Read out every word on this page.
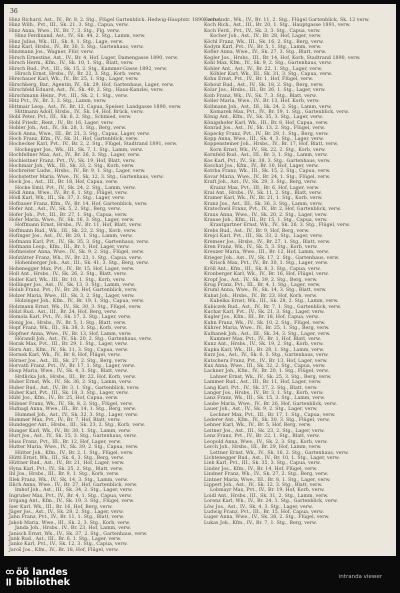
36
Hinz Richard, Ast., IV., Br. 8, 2. Stg., Flügel Gartenblick. Hedwig-Hauptstr. 1890, verw.
Hinz Wilh., Pvt., III., Sk. 21, 3. Stg., Capua, verw.
Hinz Anna, Wwe., IV., Br. 7, 3. Stg., Flg. verw.
Hinz Ferdinand, Ast., IV., Sk. 44, 2. Stg., Lamm, verw.
Hinz Julius, Wk., III., Sk. 8, 1. Stg., Lage, verw.
Hinz Karl, Hrsbs., IV., Br. 30, 3. Stg., Gartenhaus, verw.
Hinzmann Jos., Wagner, Flür, verw.
Hirsch Ernestine, Ast., IV., Br. 4, Hof, Luger, Damengasse 1890, verw.
Hirsch Herm., Kfm., IV., Sk. 10, 1. Stg., Blatt, verw.
Hirsch Rud., Pvt., III., Sk. 15, 2. Stg., Kammer-Gasse 1892, verw.
Hirsch Ernst, Hrsbs., IV., Br. 22, 3. Stg., Korb, verw.
Hirschauer Karl, Wk., IV., Br. 25, 1. Stg., Lager, verw.
Hirschberg, Bar., Agentin, IV., Sk. 29, Hof, Gartenhaus, Lager, verw.
Hirschfeld Eduard, Ast., IV., Sk. 40, 2. Stg., Haus-Kanzlei, verw.
Hirschmann Heinr., Pvt., III., Sk. 2, 1. Stg., verw.
Hitz Pvt., IV., Br. 3, 3. Stg., Lamm, verw.
Hittmair Leop., Ast., IV., Br. 12, Capua, Speiser, Landgasse 1890, verw.
Hittmann Adolf, Hrsbs., IV., Sk. 14, Hof, Brück, verw.
Hobl Peter, Pvt., III., Sk. 6, 2. Stg., Schmied, verw.
Hobl Friedr., Rent., IV., Br. 16, Lager, verw.
Hobler Joh., Ast., IV., Sk. 28, 1. Stg., Berg, verw.
Hoch Anna, Wwe., III., Br. 21, 3. Stg., Capua, Lager, verw.
Hoch Franz, Kfm., IV., Sk. 31, Hof, Gartenblick, verw.
Hochecker Karl, Pvt., IV., Br. 2, 2. Stg., Flügel, Stadtrand 1891, verw.
Hochegger Jos., Wk., III., Sk. 7, 1. Stg., Lamm, verw.
Hochfellner Max, Ast., IV., Br. 26, 3. Stg., Lager, verw.
Hochleitner Franz, Pvt., IV., Sk. 19, Hof, Blatt, verw.
Hochmair Joh., Wk., III., Sk. 33, 2. Stg., Korb, verw.
Hochreiter Ludw., Hrsbs., IV., Br. 9, 1. Stg., Lager, verw.
Hochstetter Maria, Wwe., IV., Sk. 12, 3. Stg., Gartenhaus, verw.
Hock Jos., Ast., III., Br. 18, Hof, Capua, verw.
Hocke Emil, Pvt., IV., Sk. 24, 2. Stg., Lamm, verw.
Hödl Anna, Wwe., IV., Br. 6, 1. Stg., Flügel, verw.
Hödl Karl, Wk., III., Sk. 37, 3. Stg., Lager, verw.
Hofbauer Franz, Kfm., IV., Br. 14, Hof, Gartenblick, verw.
Hofer Ant., Ast., IV., Sk. 5, 2. Stg., Berg, verw.
Hofer Joh., Pvt., III., Br. 27, 1. Stg., Capua, verw.
Hofer Maria, Wwe., IV., Sk. 16, 3. Stg., Lager, verw.
Hoffmann Ernst, Hrsbs., IV., Br. 11, Hof, Blatt, verw.
Hoffmann Rud., Wk., III., Sk. 22, 2. Stg., Korb, verw.
Hofinger Jos., Ast., IV., Br. 20, 1. Stg., Lamm, verw.
Hofmann Karl, Pvt., IV., Sk. 35, 3. Stg., Gartenhaus, verw.
Hofmann Leop., Kfm., III., Br. 1, Hof, Lager, verw.
Hofmeister Anna, Wwe., IV., Sk. 9, 2. Stg., Flügel, verw.
Hofstätter Franz, Wk., IV., Br. 23, 1. Stg., Capua, verw.
Hohenberger Joh., Ast., III., Sk. 41, 3. Stg., Berg, verw.
Hohenegger Max, Pvt., IV., Br. 15, Hof, Lager, verw.
Holl Ant., Hrsbs., IV., Sk. 26, 2. Stg., Blatt, verw.
Holler Karl, Wk., III., Br. 10, 1. Stg., Korb, verw.
Hollinger Jos., Ast., IV., Sk. 13, 3. Stg., Lamm, verw.
Holub Franz, Pvt., IV., Br. 28, Hof, Gartenblick, verw.
Holzer Maria, Wwe., III., Sk. 3, 2. Stg., Lager, verw.
Holzinger Joh., Kfm., IV., Br. 19, 1. Stg., Capua, verw.
Holzmann Ernst, Wk., IV., Sk. 30, 3. Stg., Flügel, verw.
Hölzl Rud., Ast., III., Br. 24, Hof, Berg, verw.
Homola Karl, Pvt., IV., Sk. 17, 2. Stg., Lager, verw.
Honig Jos., Hrsbs., IV., Br. 5, 1. Stg., Blatt, verw.
Hopf Franz, Wk., III., Sk. 38, 3. Stg., Korb, verw.
Hopfner Anna, Wwe., IV., Br. 13, Hof, Lamm, verw.
Hörandl Joh., Ast., IV., Sk. 20, 2. Stg., Gartenhaus, verw.
Horak Max, Pvt., III., Br. 29, 1. Stg., Lager, verw.
Horn Ant., Kfm., IV., Sk. 11, 3. Stg., Capua, verw.
Hornek Karl, Wk., IV., Br. 8, Hof, Flügel, verw.
Hörner Jos., Ast., III., Sk. 27, 2. Stg., Berg, verw.
Horvath Franz, Pvt., IV., Br. 17, 1. Stg., Lager, verw.
Hosp Maria, Wwe., IV., Sk. 4, 3. Stg., Blatt, verw.
Hrdlicka Joh., Hrsbs., III., Br. 22, Hof, Korb, verw.
Huber Ernst, Wk., IV., Sk. 36, 2. Stg., Lamm, verw.
Huber Rud., Ast., IV., Br. 3, 1. Stg., Gartenblick, verw.
Huber Karl, Pvt., III., Sk. 18, 3. Stg., Lager, verw.
Hübl Jos., Kfm., IV., Br. 25, Hof, Capua, verw.
Hübner Franz, Wk., IV., Sk. 8, 2. Stg., Flügel, verw.
Hufnagl Anna, Wwe., III., Br. 14, 1. Stg., Berg, verw.
Hummel Joh., Ast., IV., Sk. 32, 3. Stg., Lager, verw.
Hummer Max, Pvt., IV., Br. 7, Hof, Blatt, verw.
Hundegger Ant., Hrsbs., III., Sk. 23, 2. Stg., Korb, verw.
Hunger Karl, Wk., IV., Br. 30, 1. Stg., Lamm, verw.
Hurt Jos., Ast., IV., Sk. 15, 3. Stg., Gartenhaus, verw.
Huss Franz, Pvt., III., Br. 12, Hof, Lager, verw.
Hutter Maria, Wwe., IV., Sk. 39, 2. Stg., Capua, verw.
Hütter Joh., Kfm., IV., Br. 2, 1. Stg., Flügel, verw.
Hüttl Ernst, Wk., III., Sk. 6, 3. Stg., Berg, verw.
Hüttner Rud., Ast., IV., Br. 21, Hof, Lager, verw.
Hyna Karl, Pvt., IV., Sk. 25, 2. Stg., Blatt, verw.
Ihl Jos., Hrsbs., III., Br. 9, 1. Stg., Korb, verw.
Illek Franz, Wk., IV., Sk. 14, 3. Stg., Lamm, verw.
Illich Anna, Wwe., IV., Br. 27, Hof, Gartenblick, verw.
Imhof Joh., Ast., III., Sk. 34, 2. Stg., Lager, verw.
Ingruber Max, Pvt., IV., Br. 4, 1. Stg., Capua, verw.
Irrgang Ant., Kfm., IV., Sk. 19, 3. Stg., Flügel, verw.
Iser Karl, Wk., III., Br. 16, Hof, Berg, verw.
Jäger Jos., Ast., IV., Sk. 28, 2. Stg., Lager, verw.
Jahn Franz, Pvt., IV., Br. 11, 1. Stg., Blatt, verw.
Jakob Maria, Wwe., III., Sk. 2, 3. Stg., Korb, verw.
Janda Joh., Hrsbs., IV., Br. 23, Hof, Lamm, verw.
Janisch Ernst, Wk., IV., Sk. 37, 2. Stg., Gartenhaus, verw.
Jank Rud., Ast., III., Br. 6, 1. Stg., Lager, verw.
Janko Karl, Pvt., IV., Sk. 12, 3. Stg., Capua, verw.
Jaroš Jos., Kfm., IV., Br. 18, Hof, Flügel, verw.
Koch Andr., Wk., IV., Br. 11, 2. Stg., Flügel Gartenblick, Sk. 12 verw.
Koch Rich., Ast., III., Br. 20, 1. Stg., Hauptgasse 1891, verw.
Koch Ferd., Pvt., IV., Sk. 3, 3. Stg., Capua, verw.
Kocher Joh., Ast., IV., Br. 28, Hof, Lager, verw.
Köchl Franz, Wk., III., Sk. 16, 2. Stg., Berg, verw.
Kodym Karl, Pvt., IV., Br. 5, 1. Stg., Lamm, verw.
Kofler Anna, Wwe., IV., Sk. 27, 3. Stg., Blatt, verw.
Kogler Jos., Hrsbs., III., Br. 14, Hof, Korb, Stadtrand 1890, verw.
Kohl Max, Kfm., IV., Sk. 9, 2. Stg., Gartenhaus, verw.
Kohler Ant., Ast., IV., Br. 22, 1. Stg., Lager, verw.
Köhler Karl, Wk., III., Sk. 31, 3. Stg., Capua, verw.
Kohn Ernst, Pvt., IV., Br. 1, Hof, Flügel, verw.
Kohout Rud., Ast., IV., Sk. 18, 2. Stg., Berg, verw.
Kolar Jos., Hrsbs., III., Br. 26, 1. Stg., Lager, verw.
Kolb Franz, Wk., IV., Sk. 7, 3. Stg., Blatt, verw.
Koller Maria, Wwe., IV., Br. 13, Hof, Korb, verw.
Kollmann Joh., Ast., III., Sk. 24, 2. Stg., Lamm, verw.
Komarek Max, Pvt., IV., Br. 19, 1. Stg., Gartenblick, verw.
König Ant., Kfm., IV., Sk. 35, 3. Stg., Lager, verw.
Königshofer Karl, Wk., III., Br. 8, Hof, Capua, verw.
Konrad Jos., Ast., IV., Sk. 13, 2. Stg., Flügel, verw.
Kopecky Franz, Pvt., IV., Br. 29, 1. Stg., Berg, verw.
Kopp Anna, Wwe., III., Sk. 4, 3. Stg., Lager, verw.
Koppensteiner Joh., Hrsbs., IV., Br. 17, Hof, Blatt, verw.
Korn Ernst, Wk., IV., Sk. 22, 2. Stg., Korb, verw.
Kornfeld Rud., Ast., III., Br. 3, 1. Stg., Lamm, verw.
Kos Karl, Pvt., IV., Sk. 38, 3. Stg., Gartenhaus, verw.
Koschat Jos., Kfm., IV., Br. 10, Hof, Lager, verw.
Kotrba Franz, Wk., III., Sk. 15, 2. Stg., Capua, verw.
Kovar Maria, Wwe., IV., Br. 24, 1. Stg., Flügel, verw.
Kraft Joh., Ast., IV., Sk. 29, 3. Stg., Berg, verw.
Krainz Max, Pvt., III., Br. 6, Hof, Lager, verw.
Kral Ant., Hrsbs., IV., Sk. 11, 2. Stg., Blatt, verw.
Kramer Karl, Wk., IV., Br. 21, 1. Stg., Korb, verw.
Kranz Jos., Ast., III., Sk. 36, 3. Stg., Lamm, verw.
Kratochwil Franz, Pvt., IV., Br. 2, Hof, Gartenblick, verw.
Kraus Anna, Wwe., IV., Sk. 20, 2. Stg., Lager, verw.
Krause Joh., Kfm., III., Br. 15, 1. Stg., Capua, verw.
Krautgartner Ernst, Wk., IV., Sk. 26, 3. Stg., Flügel, verw.
Krebs Rud., Ast., IV., Br. 9, Hof, Berg, verw.
Krejci Karl, Pvt., III., Sk. 33, 2. Stg., Lager, verw.
Kremser Jos., Hrsbs., IV., Br. 27, 1. Stg., Blatt, verw.
Kren Franz, Wk., IV., Sk. 5, 3. Stg., Korb, verw.
Kreuzer Maria, Wwe., III., Br. 12, Hof, Lamm, verw.
Krieger Joh., Ast., IV., Sk. 17, 2. Stg., Gartenhaus, verw.
Krisch Max, Pvt., IV., Br. 30, 1. Stg., Lager, verw.
Kröll Ant., Kfm., III., Sk. 8, 3. Stg., Capua, verw.
Kronberger Karl, Wk., IV., Br. 16, Hof, Flügel, verw.
Kropf Jos., Ast., IV., Sk. 39, 2. Stg., Berg, verw.
Krug Franz, Pvt., III., Br. 4, 1. Stg., Lager, verw.
Kruml Anna, Wwe., IV., Sk. 14, 3. Stg., Blatt, verw.
Kubat Joh., Hrsbs., IV., Br. 23, Hof, Korb, verw.
Kubelka Ernst, Wk., III., Sk. 28, 2. Stg., Lamm, verw.
Kubiczek Rud., Ast., IV., Br. 7, 1. Stg., Gartenblick, verw.
Kuchar Karl, Pvt., IV., Sk. 21, 3. Stg., Lager, verw.
Kugler Jos., Kfm., III., Br. 18, Hof, Capua, verw.
Kuhn Franz, Wk., IV., Sk. 10, 2. Stg., Flügel, verw.
Kührer Maria, Wwe., IV., Br. 25, 1. Stg., Berg, verw.
Kulhanek Joh., Ast., III., Sk. 34, 3. Stg., Lager, verw.
Kummer Max, Pvt., IV., Br. 1, Hof, Blatt, verw.
Kunz Ant., Hrsbs., IV., Sk. 19, 2. Stg., Korb, verw.
Kupka Karl, Wk., III., Br. 28, 1. Stg., Lamm, verw.
Kurz Jos., Ast., IV., Sk. 6, 3. Stg., Gartenhaus, verw.
Kutschera Franz, Pvt., IV., Br. 13, Hof, Lager, verw.
Kux Anna, Wwe., III., Sk. 32, 2. Stg., Capua, verw.
Lackner Joh., Kfm., IV., Br. 20, 1. Stg., Flügel, verw.
Lahner Ernst, Wk., IV., Sk. 25, 3. Stg., Berg, verw.
Lammer Rud., Ast., III., Br. 11, Hof, Lager, verw.
Lang Karl, Pvt., IV., Sk. 37, 2. Stg., Blatt, verw.
Langer Jos., Hrsbs., IV., Br. 3, 1. Stg., Korb, verw.
Lanz Franz, Wk., III., Sk. 15, 3. Stg., Lamm, verw.
Laube Maria, Wwe., IV., Br. 26, Hof, Gartenblick, verw.
Lauer Joh., Ast., IV., Sk. 9, 2. Stg., Lager, verw.
Lechner Max, Pvt., III., Br. 17, 1. Stg., Capua, verw.
Lederer Ant., Kfm., IV., Sk. 30, 3. Stg., Flügel, verw.
Lehner Karl, Wk., IV., Br. 5, Hof, Berg, verw.
Leitner Jos., Ast., III., Sk. 23, 2. Stg., Lager, verw.
Lenz Franz, Pvt., IV., Br. 22, 1. Stg., Blatt, verw.
Leopold Anna, Wwe., IV., Sk. 2, 3. Stg., Korb, verw.
Lerch Joh., Hrsbs., III., Br. 29, Hof, Lamm, verw.
Lettner Ernst, Wk., IV., Sk. 16, 2. Stg., Gartenhaus, verw.
Lichtenegger Rud., Ast., IV., Br. 10, 1. Stg., Lager, verw.
Lieb Karl, Pvt., III., Sk. 35, 3. Stg., Capua, verw.
Linder Jos., Kfm., IV., Br. 14, Hof, Flügel, verw.
Lindner Franz, Wk., IV., Sk. 27, 2. Stg., Berg, verw.
Lintner Maria, Wwe., III., Br. 8, 1. Stg., Lager, verw.
Lippert Joh., Ast., IV., Sk. 12, 3. Stg., Blatt, verw.
Lobmayr Max, Pvt., IV., Br. 19, Hof, Korb, verw.
Loidl Ant., Hrsbs., III., Sk. 31, 2. Stg., Lamm, verw.
Lorenz Karl, Wk., IV., Br. 24, 1. Stg., Gartenblick, verw.
Löw Jos., Ast., IV., Sk. 4, 3. Stg., Lager, verw.
Ludwig Franz, Pvt., III., Br. 15, Hof, Capua, verw.
Luger Anna, Wwe., IV., Sk. 38, 2. Stg., Flügel, verw.
Lukas Joh., Kfm., IV., Br. 7, 1. Stg., Berg, verw.
öö landes
bibliothek	intranda viewer
